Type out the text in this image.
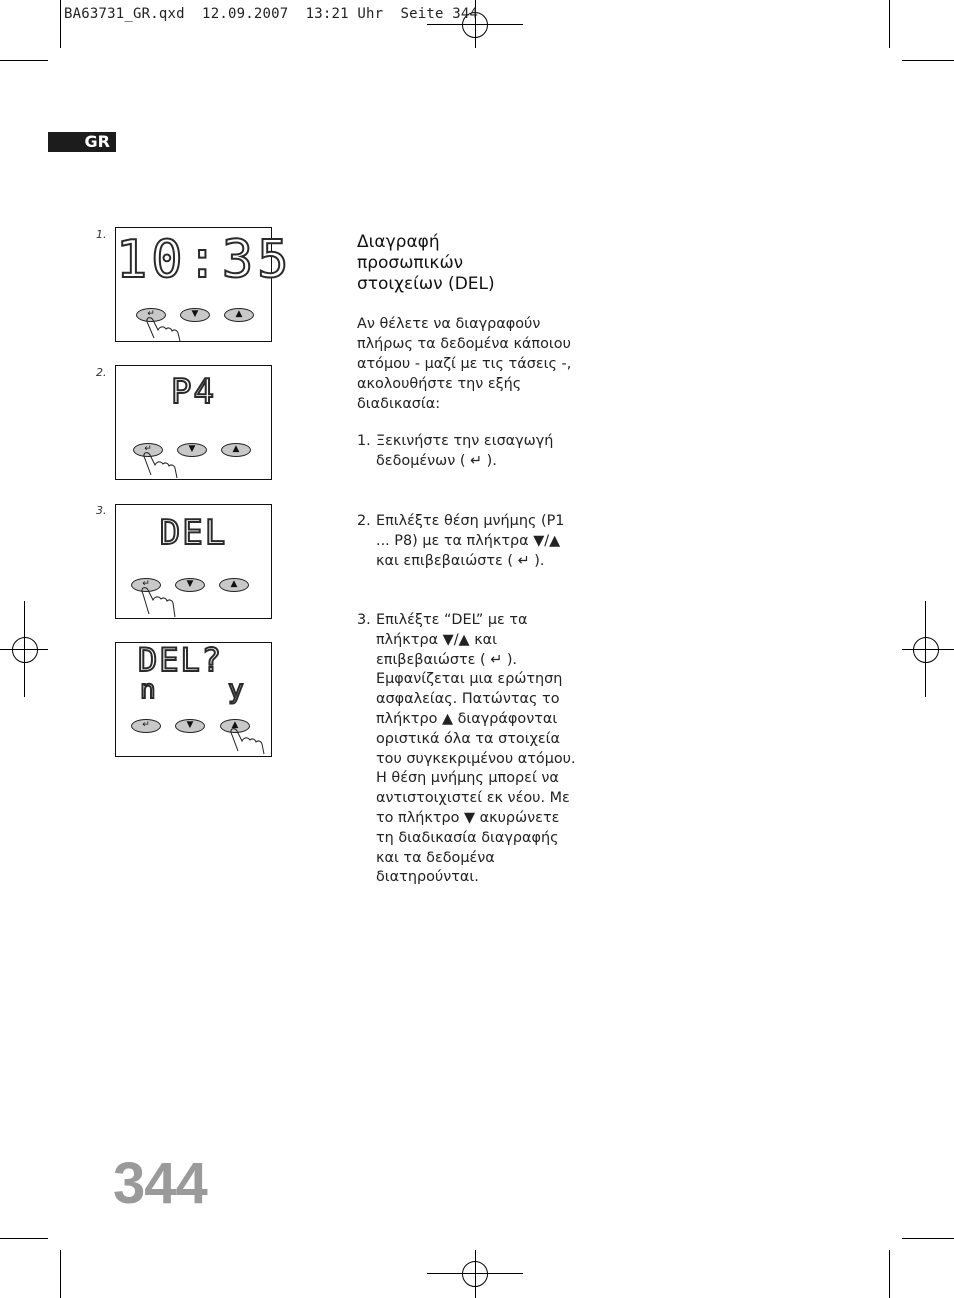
BA63731_GR.qxd  12.09.2007  13:21 Uhr  Seite 344
GR
1. 10:35
↵	▼	▲
2.	P4
↵	▼	▲
3.
DEL
↵	▼	▲
DEL?
n	y
↵	▼	▲
Διαγραφή
προσωπικών
στοιχείων (DEL)
Αν θέλετε να διαγραφούν πλήρως τα δεδομένα κάποιου ατόμου - μαζί με τις τάσεις -, ακολουθήστε την εξής διαδικασία:
1. Ξεκινήστε την εισαγωγή δεδομένων ( ↵ ).
2. Επιλέξτε θέση μνήμης (P1 ... P8) με τα πλήκτρα ▼/▲ και επιβεβαιώστε ( ↵ ).
3. Επιλέξτε “DEL” με τα πλήκτρα ▼/▲ και επιβεβαιώστε ( ↵ ). Εμφανίζεται μια ερώτηση ασφαλείας. Πατώντας το πλήκτρο ▲ διαγράφονται οριστικά όλα τα στοιχεία του συγκεκριμένου ατόμου. Η θέση μνήμης μπορεί να αντιστοιχιστεί εκ νέου. Με το πλήκτρο ▼ ακυρώνετε τη διαδικασία διαγραφής και τα δεδομένα διατηρούνται.
344
